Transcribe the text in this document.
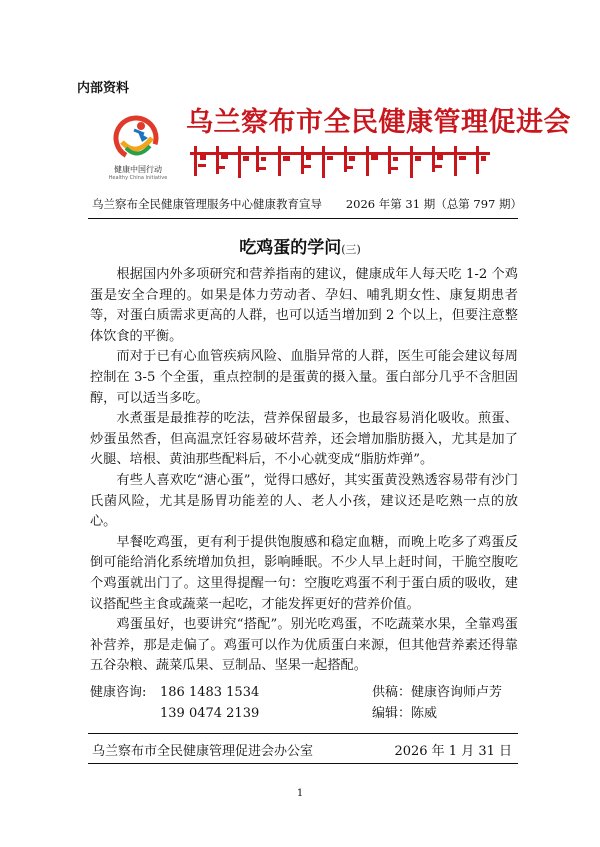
内部资料
健康中国行动
Healthy China Initiative
乌兰察布市全民健康管理促进会
乌兰察布全民健康管理服务中心健康教育宣导 2026 年第 31 期（总第 797 期）
吃鸡蛋的学问(三)

根据国内外多项研究和营养指南的建议，健康成年人每天吃 1-2 个鸡蛋是安全合理的。如果是体力劳动者、孕妇、哺乳期女性、康复期患者等，对蛋白质需求更高的人群，也可以适当增加到 2 个以上，但要注意整体饮食的平衡。

而对于已有心血管疾病风险、血脂异常的人群，医生可能会建议每周控制在 3-5 个全蛋，重点控制的是蛋黄的摄入量。蛋白部分几乎不含胆固醇，可以适当多吃。

水煮蛋是最推荐的吃法，营养保留最多，也最容易消化吸收。煎蛋、炒蛋虽然香，但高温烹饪容易破坏营养，还会增加脂肪摄入，尤其是加了火腿、培根、黄油那些配料后，不小心就变成“脂肪炸弹”。

有些人喜欢吃“溏心蛋”，觉得口感好，其实蛋黄没熟透容易带有沙门氏菌风险，尤其是肠胃功能差的人、老人小孩，建议还是吃熟一点的放心。

早餐吃鸡蛋，更有利于提供饱腹感和稳定血糖，而晚上吃多了鸡蛋反倒可能给消化系统增加负担，影响睡眠。不少人早上赶时间，干脆空腹吃个鸡蛋就出门了。这里得提醒一句：空腹吃鸡蛋不利于蛋白质的吸收，建议搭配些主食或蔬菜一起吃，才能发挥更好的营养价值。

鸡蛋虽好，也要讲究“搭配”。别光吃鸡蛋，不吃蔬菜水果，全靠鸡蛋补营养，那是走偏了。鸡蛋可以作为优质蛋白来源，但其他营养素还得靠五谷杂粮、蔬菜瓜果、豆制品、坚果一起搭配。

健康咨询: 186 1483 1534	供稿：健康咨询师卢芳
139 0474 2139	编辑：陈威
乌兰察布市全民健康管理促进会办公室	2026 年 1 月 31 日
1
